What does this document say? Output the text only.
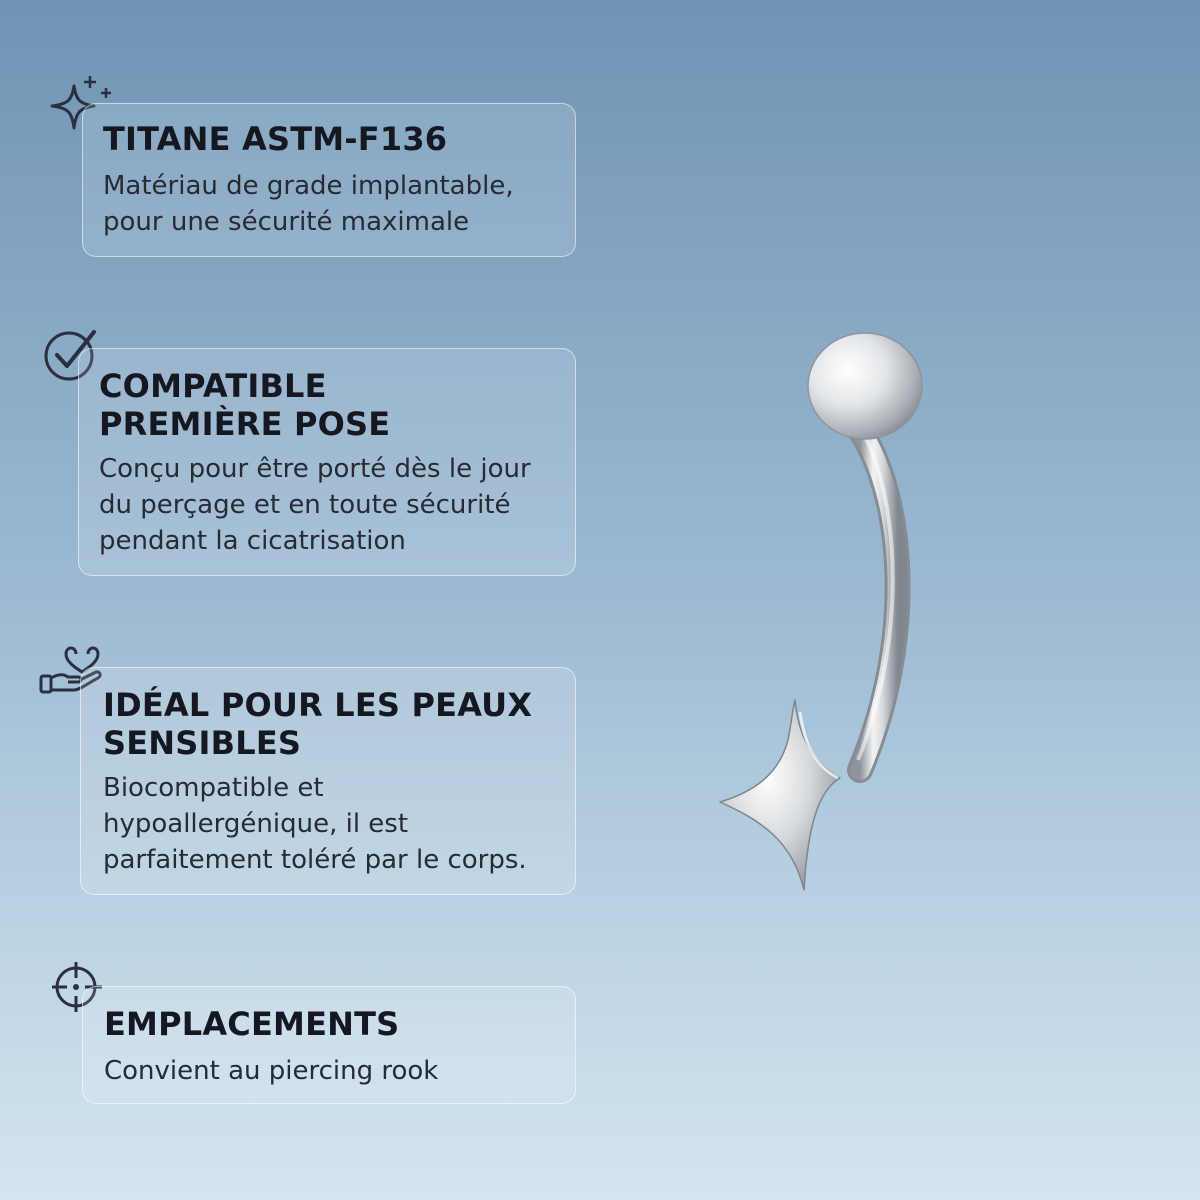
TITANE ASTM-F136

Matériau de grade implantable,
pour une sécurité maximale

COMPATIBLE
PREMIÈRE POSE

Conçu pour être porté dès le jour
du perçage et en toute sécurité
pendant la cicatrisation

IDÉAL POUR LES PEAUX
SENSIBLES

Biocompatible et
hypoallergénique, il est
parfaitement toléré par le corps.

EMPLACEMENTS

Convient au piercing rook
